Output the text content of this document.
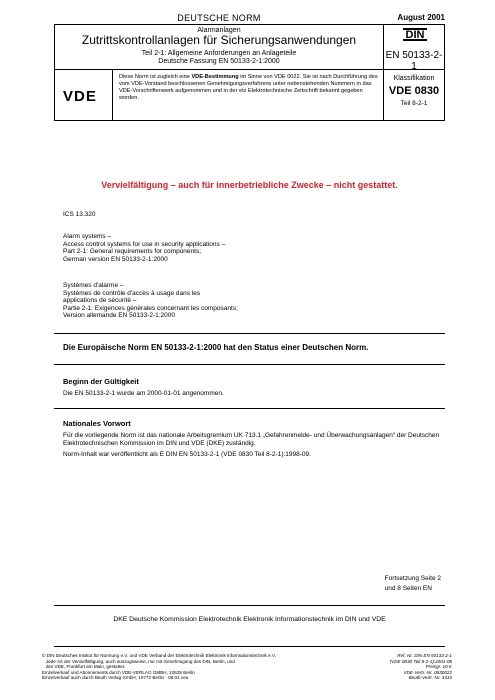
DEUTSCHE NORM	August 2001
Alarmanlagen
Zutrittskontrollanlagen für Sicherungsanwendungen
Teil 2-1: Allgemeine Anforderungen an Anlageteile
Deutsche Fassung EN 50133-2-1:2000
DIN
EN 50133-2-1
VDE
Diese Norm ist zugleich eine VDE-Bestimmung im Sinne von VDE 0022. Sie ist nach Durchführung des vom VDE-Vorstand beschlossenen Genehmigungsverfahrens unter nebenstehenden Nummern in das VDE-Vorschriftenwerk aufgenommen und in der etz Elektrotechnische Zeitschrift bekannt gegeben worden.
Klassifikation
VDE 0830
Teil 8-2-1
Vervielfältigung – auch für innerbetriebliche Zwecke – nicht gestattet.
ICS 13.320
Alarm systems –
Access control systems for use in security applications –
Part 2-1: General requirements for components;
German version EN 50133-2-1:2000
Systèmes d'alarme –
Systèmes de contrôle d'accès à usage dans les
applications de sécurité –
Partie 2-1: Exigences générales concernant les composants;
Version allemande EN 50133-2-1:2000
Die Europäische Norm EN 50133-2-1:2000 hat den Status einer Deutschen Norm.
Beginn der Gültigkeit
Die EN 50133-2-1 wurde am 2000-01-01 angenommen.
Nationales Vorwort
Für die vorliegende Norm ist das nationale Arbeitsgremium UK 713.1 „Gefahrenmelde- und Überwachungsanlagen“ der Deutschen Elektrotechnischen Kommission im DIN und VDE (DKE) zuständig.
Norm-Inhalt war veröffentlicht als E DIN EN 50133-2-1 (VDE 0830 Teil 8-2-1):1998-09.
Fortsetzung Seite 2
und 8 Seiten EN
DKE Deutsche Kommission Elektrotechnik Elektronik Informationstechnik im DIN und VDE
© DIN Deutsches Institut für Normung e.V. und VDE Verband der Elektrotechnik Elektronik Informationstechnik e.V.
Jede Art der Vervielfältigung, auch auszugsweise, nur mit Genehmigung des DIN, Berlin, und
des VDE, Frankfurt am Main, gestattet.
Einzelverkauf und Abonnements durch VDE-VERLAG GMBH, 10625 Berlin
Einzelverkauf auch durch Beuth Verlag GmbH, 10772 Berlin · 08.01 veu
Ref. Nr. DIN EN 50133-2-1
(VDE 0830 Teil 8-2-1):2001-08
Preisgr. 10 K
VDE-Vertr.-Nr. 0830022
Beuth-Vertr.-Nr. 3310
